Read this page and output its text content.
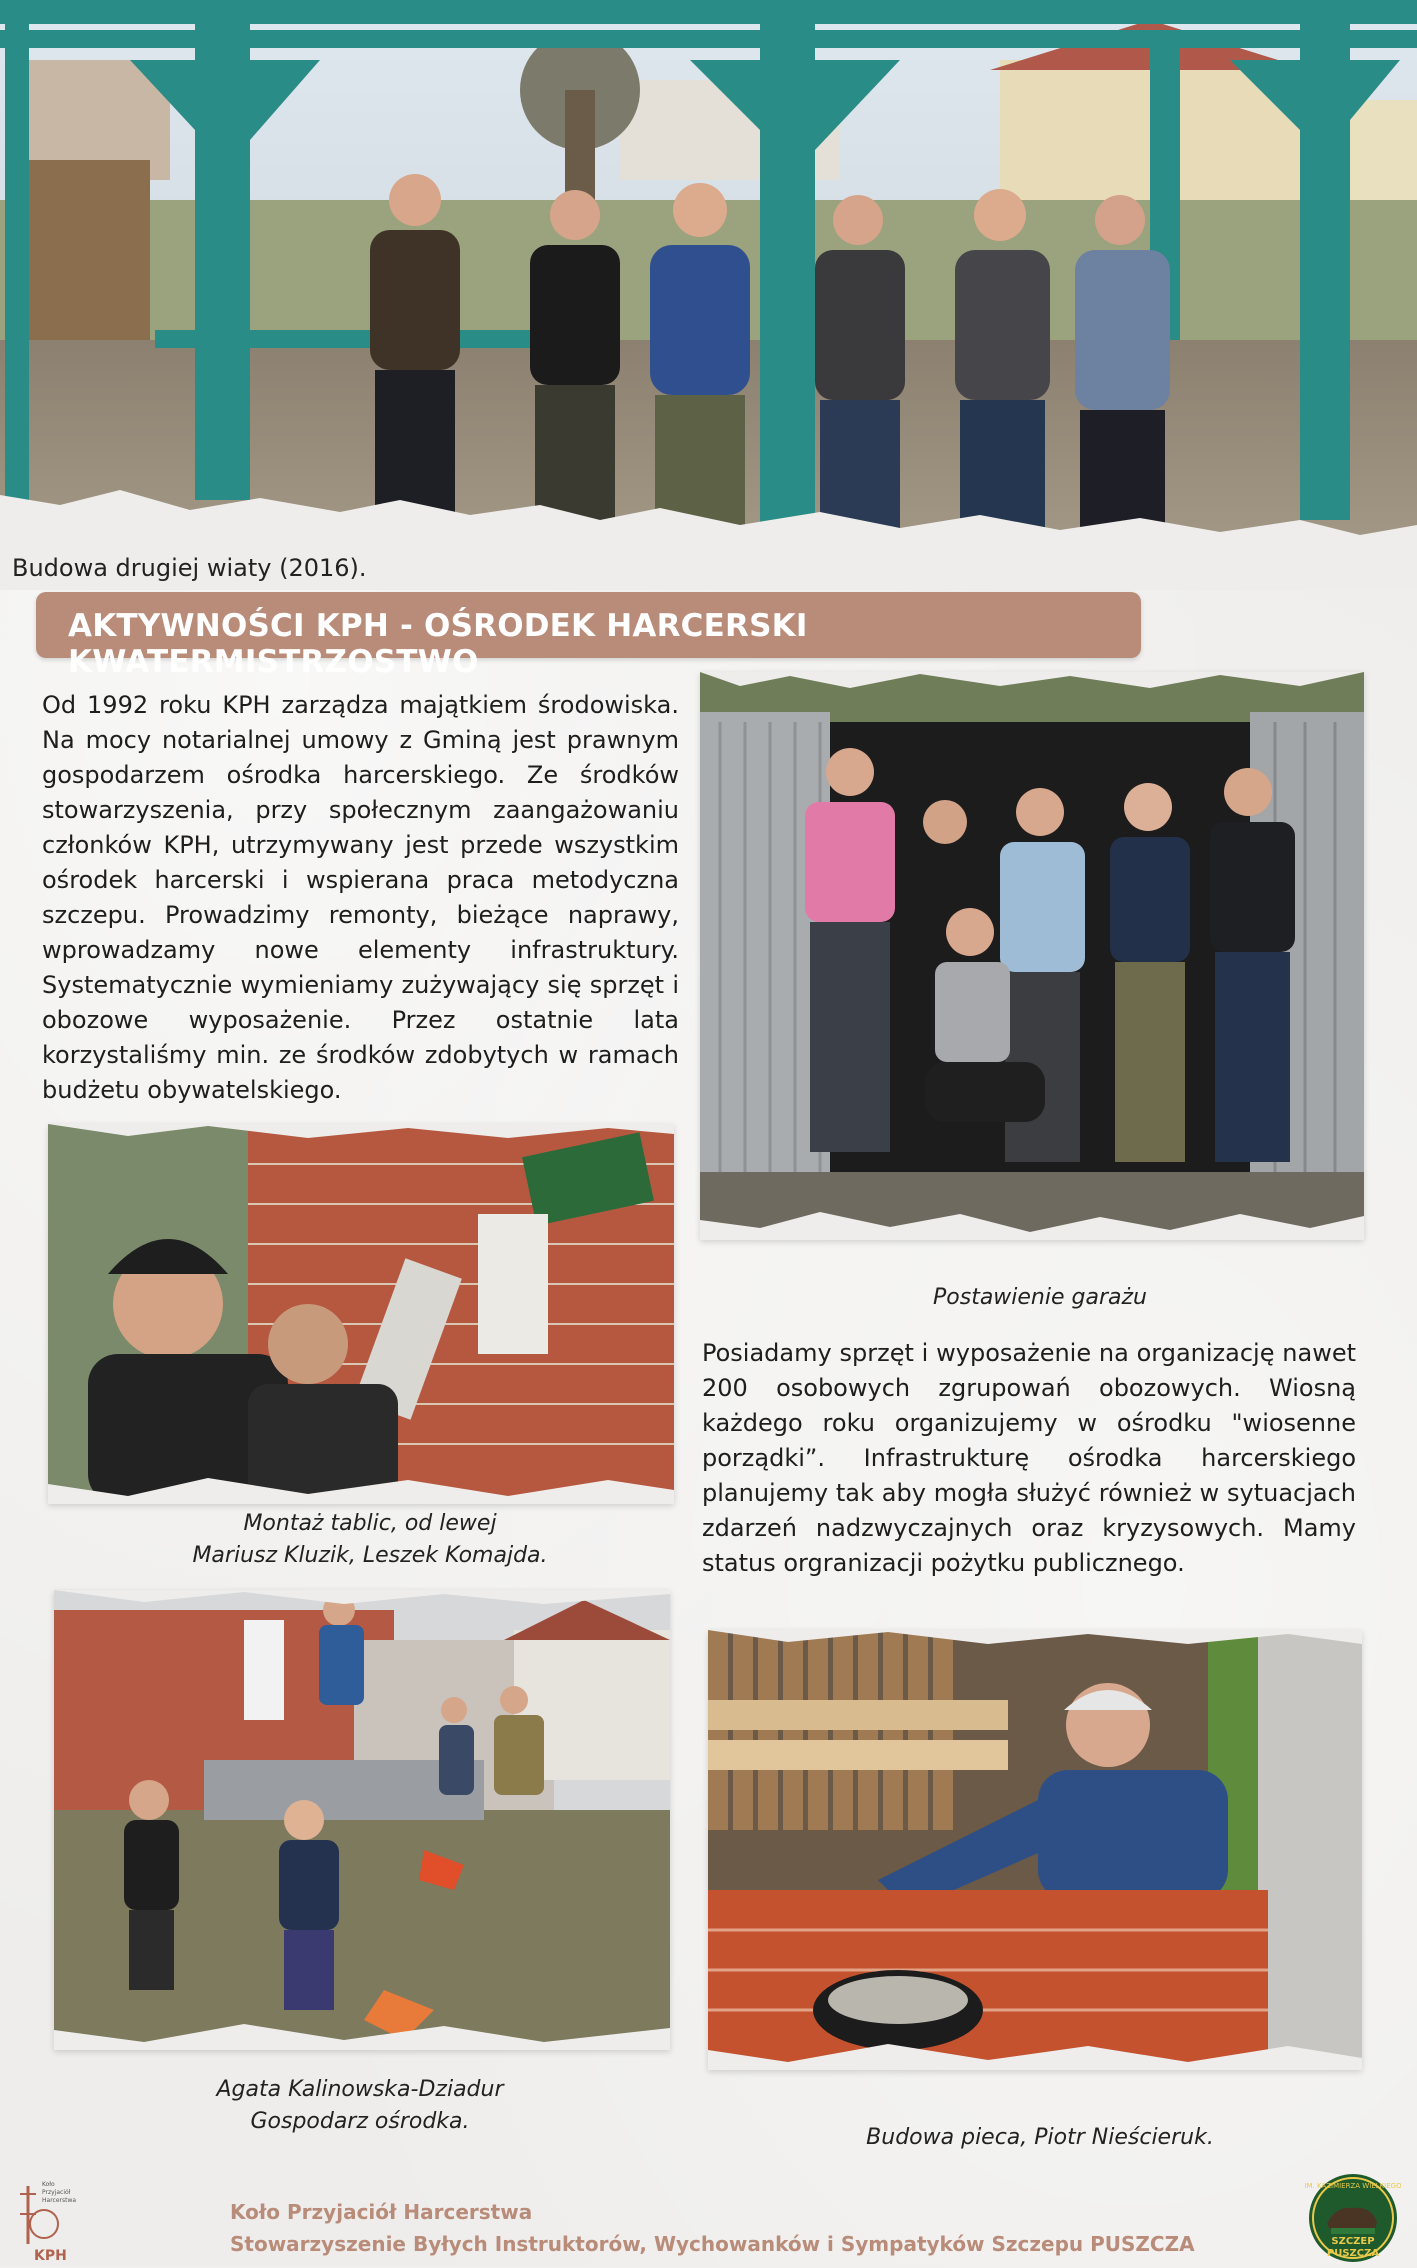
Budowa drugiej wiaty (2016).
AKTYWNOŚCI KPH - OŚRODEK HARCERSKI KWATERMISTRZOSTWO
Od 1992 roku KPH zarządza majątkiem środowiska. Na mocy notarialnej umowy z Gminą jest prawnym gospodarzem ośrodka harcerskiego. Ze środków stowarzyszenia, przy społecznym zaangażowaniu członków KPH, utrzymywany jest przede wszystkim ośrodek harcerski i wspierana praca metodyczna szczepu. Prowadzimy remonty, bieżące naprawy, wprowadzamy nowe elementy infrastruktury. Systematycznie wymieniamy zużywający się sprzęt i obozowe wyposażenie. Przez ostatnie lata korzystaliśmy min. ze środków zdobytych w ramach budżetu obywatelskiego.
Postawienie garażu
Montaż tablic, od lewej
Mariusz Kluzik, Leszek Komajda.
Posiadamy sprzęt i wyposażenie na organizację nawet 200 osobowych zgrupowań obozowych. Wiosną każdego roku organizujemy w ośrodku "wiosenne porządki”. Infrastrukturę ośrodka harcerskiego planujemy tak aby mogła służyć również w sytuacjach zdarzeń nadzwyczajnych oraz kryzysowych. Mamy status orgranizacji pożytku publicznego.
Agata Kalinowska-Dziadur
Gospodarz ośrodka.
Budowa pieca, Piotr Nieścieruk.
Koło
Przyjaciół
Harcerstwa
KPH
Koło Przyjaciół Harcerstwa
Stowarzyszenie Byłych Instruktorów, Wychowanków i Sympatyków Szczepu PUSZCZA
IM. KAZIMIERZA WIELKIEGO
SZCZEP
PUSZCZA
